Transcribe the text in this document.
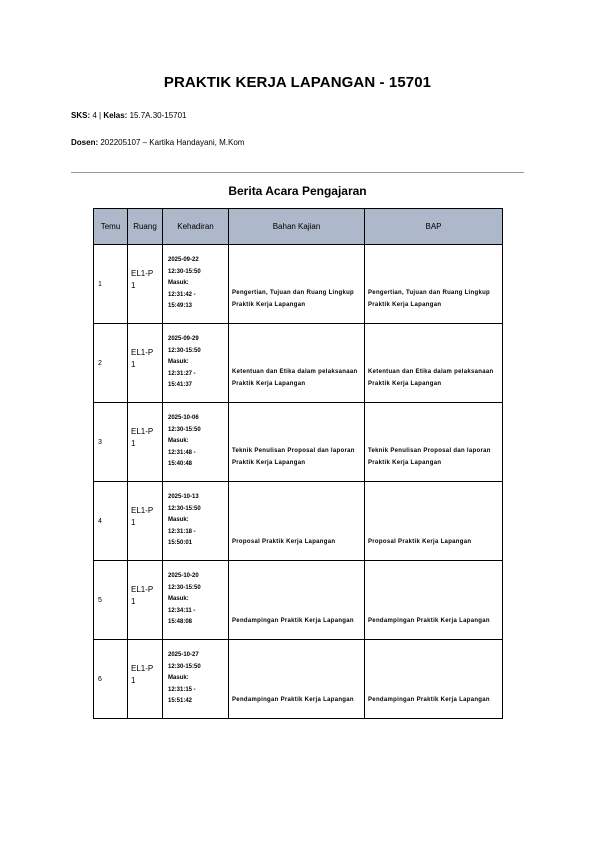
PRAKTIK KERJA LAPANGAN - 15701
SKS: 4 | Kelas: 15.7A.30-15701
Dosen: 202205107 – Kartika Handayani, M.Kom
Berita Acara Pengajaran
Temu	Ruang	Kehadiran	Bahan Kajian	BAP

1	EL1-P1	2025-09-22
12:30-15:50
Masuk:
12:31:42 -
15:49:13	Pengertian, Tujuan dan Ruang Lingkup Praktik Kerja Lapangan	Pengertian, Tujuan dan Ruang Lingkup Praktik Kerja Lapangan

2	EL1-P1	2025-09-29
12:30-15:50
Masuk:
12:31:27 -
15:41:37	Ketentuan dan Etika dalam pelaksanaan Praktik Kerja Lapangan	Ketentuan dan Etika dalam pelaksanaan Praktik Kerja Lapangan

3	EL1-P1	2025-10-06
12:30-15:50
Masuk:
12:31:48 -
15:40:48	Teknik Penulisan Proposal dan laporan Praktik Kerja Lapangan	Teknik Penulisan Proposal dan laporan Praktik Kerja Lapangan

4	EL1-P1	2025-10-13
12:30-15:50
Masuk:
12:31:18 -
15:50:01	Proposal Praktik Kerja Lapangan	Proposal Praktik Kerja Lapangan

5	EL1-P1	2025-10-20
12:30-15:50
Masuk:
12:34:11 -
15:48:08	Pendampingan Praktik Kerja Lapangan	Pendampingan Praktik Kerja Lapangan

6	EL1-P1	2025-10-27
12:30-15:50
Masuk:
12:31:15 -
15:51:42	Pendampingan Praktik Kerja Lapangan	Pendampingan Praktik Kerja Lapangan
